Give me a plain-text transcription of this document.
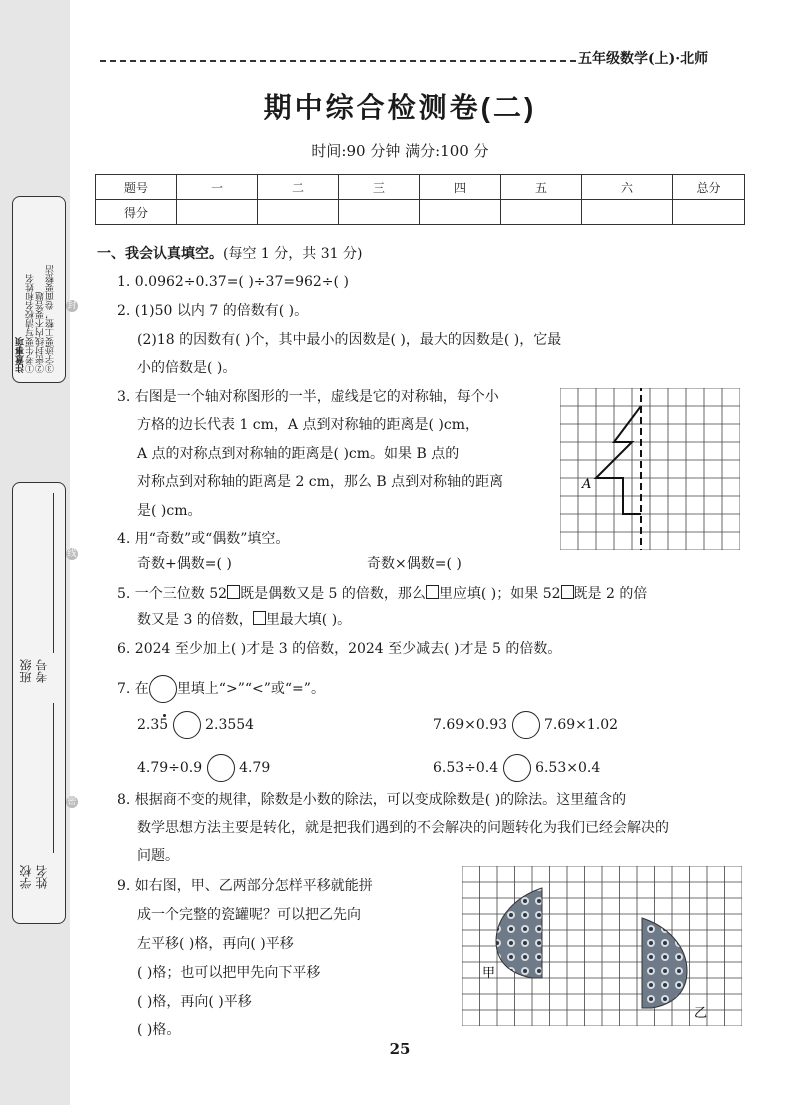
注意事项
①考生要写清校名和姓名
②密封线内不要答题
③字迹要工整，卷面要整洁	封
线
密
班级 考号
学校 姓名
五年级数学(上)·北师
期中综合检测卷(二)
时间:90 分钟 满分:100 分
题号	一	二	三	四	五	六	总分
得分							
一、我会认真填空。(每空 1 分，共 31 分)
1. 0.0962÷0.37=( )÷37=962÷( )
2. (1)50 以内 7 的倍数有( )。
(2)18 的因数有( )个，其中最小的因数是( )，最大的因数是( )，它最
小的倍数是( )。
3. 右图是一个轴对称图形的一半，虚线是它的对称轴，每个小
方格的边长代表 1 cm，A 点到对称轴的距离是( )cm，
A 点的对称点到对称轴的距离是( )cm。如果 B 点的
对称点到对称轴的距离是 2 cm，那么 B 点到对称轴的距离
是( )cm。
A
4. 用“奇数”或“偶数”填空。
奇数+偶数=( )	奇数×偶数=( )
5. 一个三位数 52 既是偶数又是 5 的倍数，那么 里应填( )；如果 52 既是 2 的倍
数又是 3 的倍数， 里最大填( )。
6. 2024 至少加上( )才是 3 的倍数，2024 至少减去( )才是 5 的倍数。
7. 在 里填上“>”“<”或“=”。
2.35	2.3554	7.69×0.93	7.69×1.02
4.79÷0.9	4.79	6.53÷0.4	6.53×0.4
8. 根据商不变的规律，除数是小数的除法，可以变成除数是( )的除法。这里蕴含的
数学思想方法主要是转化，就是把我们遇到的不会解决的问题转化为我们已经会解决的
问题。
9. 如右图，甲、乙两部分怎样平移就能拼
成一个完整的瓷罐呢？可以把乙先向
左平移( )格，再向( )平移
( )格；也可以把甲先向下平移
( )格，再向( )平移
( )格。
甲
乙
25
